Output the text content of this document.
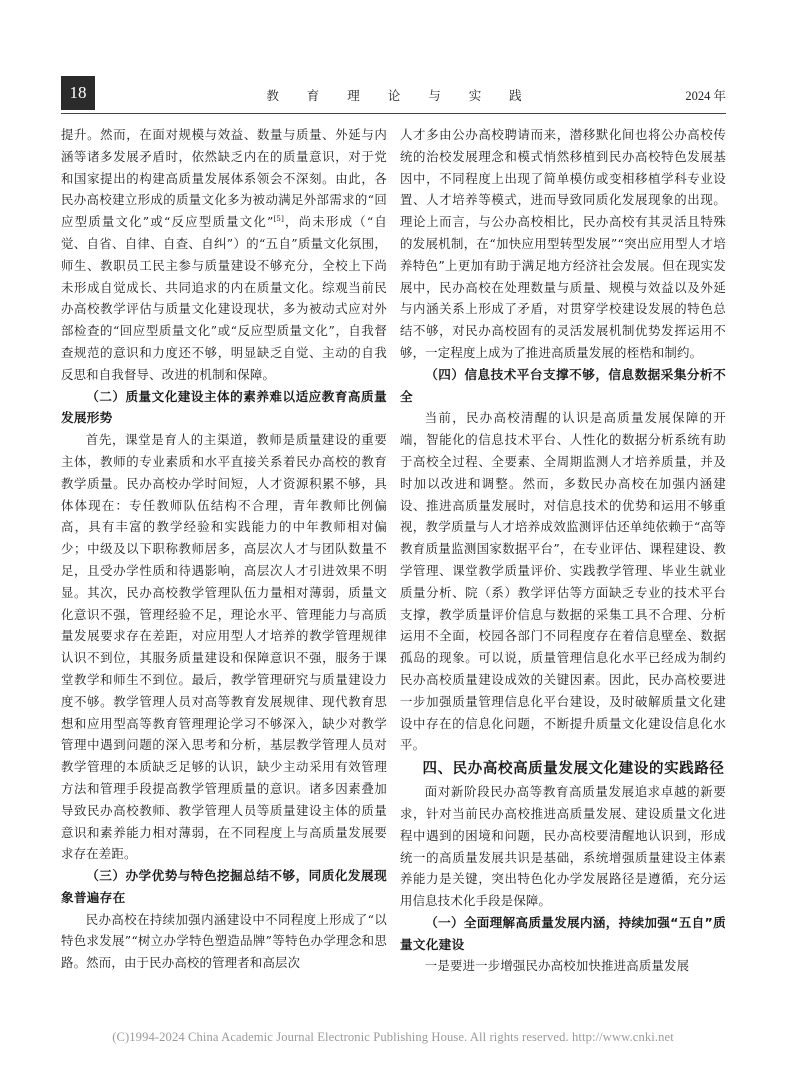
18	教 育 理 论 与 实 践	2024 年

提升。然而，在面对规模与效益、数量与质量、外延与内涵等诸多发展矛盾时，依然缺乏内在的质量意识，对于党和国家提出的构建高质量发展体系领会不深刻。由此，各民办高校建立形成的质量文化多为被动满足外部需求的“回应型质量文化”或“反应型质量文化”[5]，尚未形成（“自觉、自省、自律、自查、自纠”）的“五自”质量文化氛围，师生、教职员工民主参与质量建设不够充分，全校上下尚未形成自觉成长、共同追求的内在质量文化。综观当前民办高校教学评估与质量文化建设现状，多为被动式应对外部检查的“回应型质量文化”或“反应型质量文化”，自我督查规范的意识和力度还不够，明显缺乏自觉、主动的自我反思和自我督导、改进的机制和保障。

（二）质量文化建设主体的素养难以适应教育高质量发展形势

首先，课堂是育人的主渠道，教师是质量建设的重要主体，教师的专业素质和水平直接关系着民办高校的教育教学质量。民办高校办学时间短，人才资源积累不够，具体体现在：专任教师队伍结构不合理，青年教师比例偏高，具有丰富的教学经验和实践能力的中年教师相对偏少；中级及以下职称教师居多，高层次人才与团队数量不足，且受办学性质和待遇影响，高层次人才引进效果不明显。其次，民办高校教学管理队伍力量相对薄弱，质量文化意识不强，管理经验不足，理论水平、管理能力与高质量发展要求存在差距，对应用型人才培养的教学管理规律认识不到位，其服务质量建设和保障意识不强，服务于课堂教学和师生不到位。最后，教学管理研究与质量建设力度不够。教学管理人员对高等教育发展规律、现代教育思想和应用型高等教育管理理论学习不够深入，缺少对教学管理中遇到问题的深入思考和分析，基层教学管理人员对教学管理的本质缺乏足够的认识，缺少主动采用有效管理方法和管理手段提高教学管理质量的意识。诸多因素叠加导致民办高校教师、教学管理人员等质量建设主体的质量意识和素养能力相对薄弱，在不同程度上与高质量发展要求存在差距。

（三）办学优势与特色挖掘总结不够，同质化发展现象普遍存在

民办高校在持续加强内涵建设中不同程度上形成了“以特色求发展”“树立办学特色塑造品牌”等特色办学理念和思路。然而，由于民办高校的管理者和高层次

人才多由公办高校聘请而来，潜移默化间也将公办高校传统的治校发展理念和模式悄然移植到民办高校特色发展基因中，不同程度上出现了简单模仿或变相移植学科专业设置、人才培养等模式，进而导致同质化发展现象的出现。理论上而言，与公办高校相比，民办高校有其灵活且特殊的发展机制，在“加快应用型转型发展”“突出应用型人才培养特色”上更加有助于满足地方经济社会发展。但在现实发展中，民办高校在处理数量与质量、规模与效益以及外延与内涵关系上形成了矛盾，对贯穿学校建设发展的特色总结不够，对民办高校固有的灵活发展机制优势发挥运用不够，一定程度上成为了推进高质量发展的桎梏和制约。

（四）信息技术平台支撑不够，信息数据采集分析不全

当前，民办高校清醒的认识是高质量发展保障的开端，智能化的信息技术平台、人性化的数据分析系统有助于高校全过程、全要素、全周期监测人才培养质量，并及时加以改进和调整。然而，多数民办高校在加强内涵建设、推进高质量发展时，对信息技术的优势和运用不够重视，教学质量与人才培养成效监测评估还单纯依赖于“高等教育质量监测国家数据平台”，在专业评估、课程建设、教学管理、课堂教学质量评价、实践教学管理、毕业生就业质量分析、院（系）教学评估等方面缺乏专业的技术平台支撑，教学质量评价信息与数据的采集工具不合理、分析运用不全面，校园各部门不同程度存在着信息壁垒、数据孤岛的现象。可以说，质量管理信息化水平已经成为制约民办高校质量建设成效的关键因素。因此，民办高校要进一步加强质量管理信息化平台建设，及时破解质量文化建设中存在的信息化问题，不断提升质量文化建设信息化水平。

四、民办高校高质量发展文化建设的实践路径

面对新阶段民办高等教育高质量发展追求卓越的新要求，针对当前民办高校推进高质量发展、建设质量文化进程中遇到的困境和问题，民办高校要清醒地认识到，形成统一的高质量发展共识是基础，系统增强质量建设主体素养能力是关键，突出特色化办学发展路径是遵循，充分运用信息技术化手段是保障。

（一）全面理解高质量发展内涵，持续加强“五自”质量文化建设

一是要进一步增强民办高校加快推进高质量发展

(C)1994-2024 China Academic Journal Electronic Publishing House. All rights reserved. http://www.cnki.net
